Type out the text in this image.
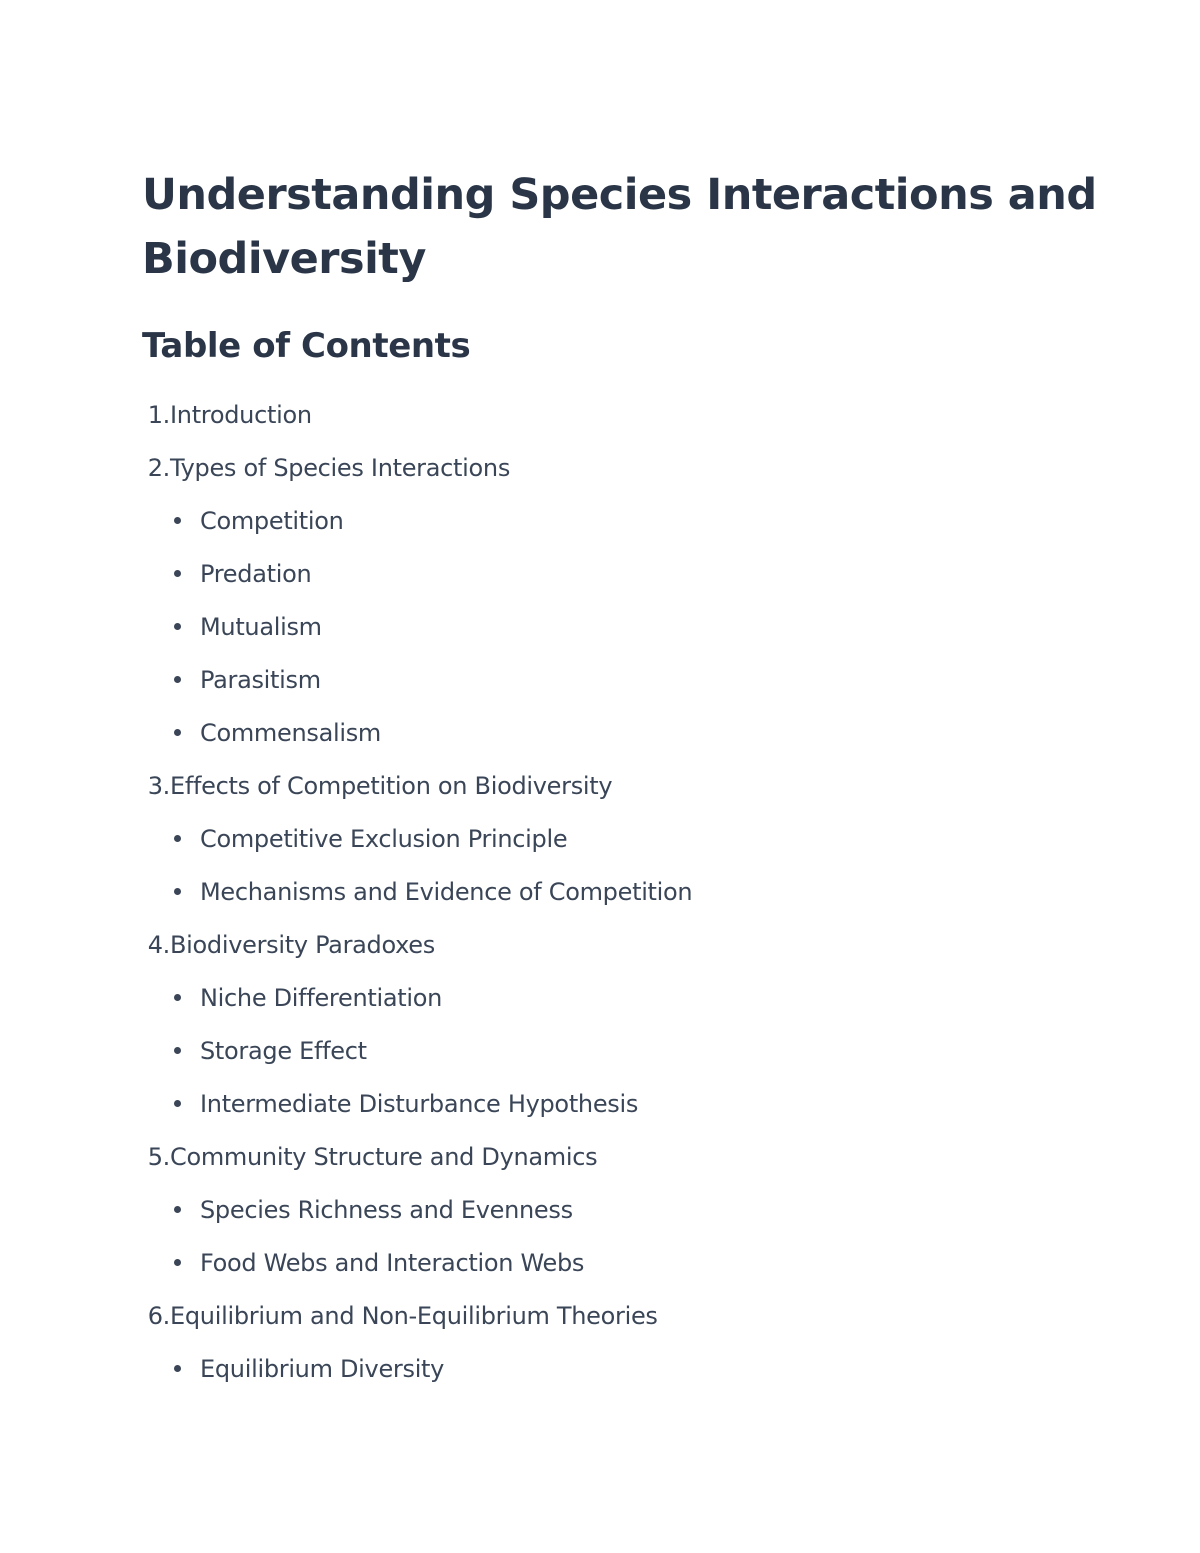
Understanding Species Interactions and Biodiversity
Table of Contents
1. Introduction
2. Types of Species Interactions
Competition
Predation
Mutualism
Parasitism
Commensalism
3. Effects of Competition on Biodiversity
Competitive Exclusion Principle
Mechanisms and Evidence of Competition
4. Biodiversity Paradoxes
Niche Differentiation
Storage Effect
Intermediate Disturbance Hypothesis
5. Community Structure and Dynamics
Species Richness and Evenness
Food Webs and Interaction Webs
6. Equilibrium and Non-Equilibrium Theories
Equilibrium Diversity
